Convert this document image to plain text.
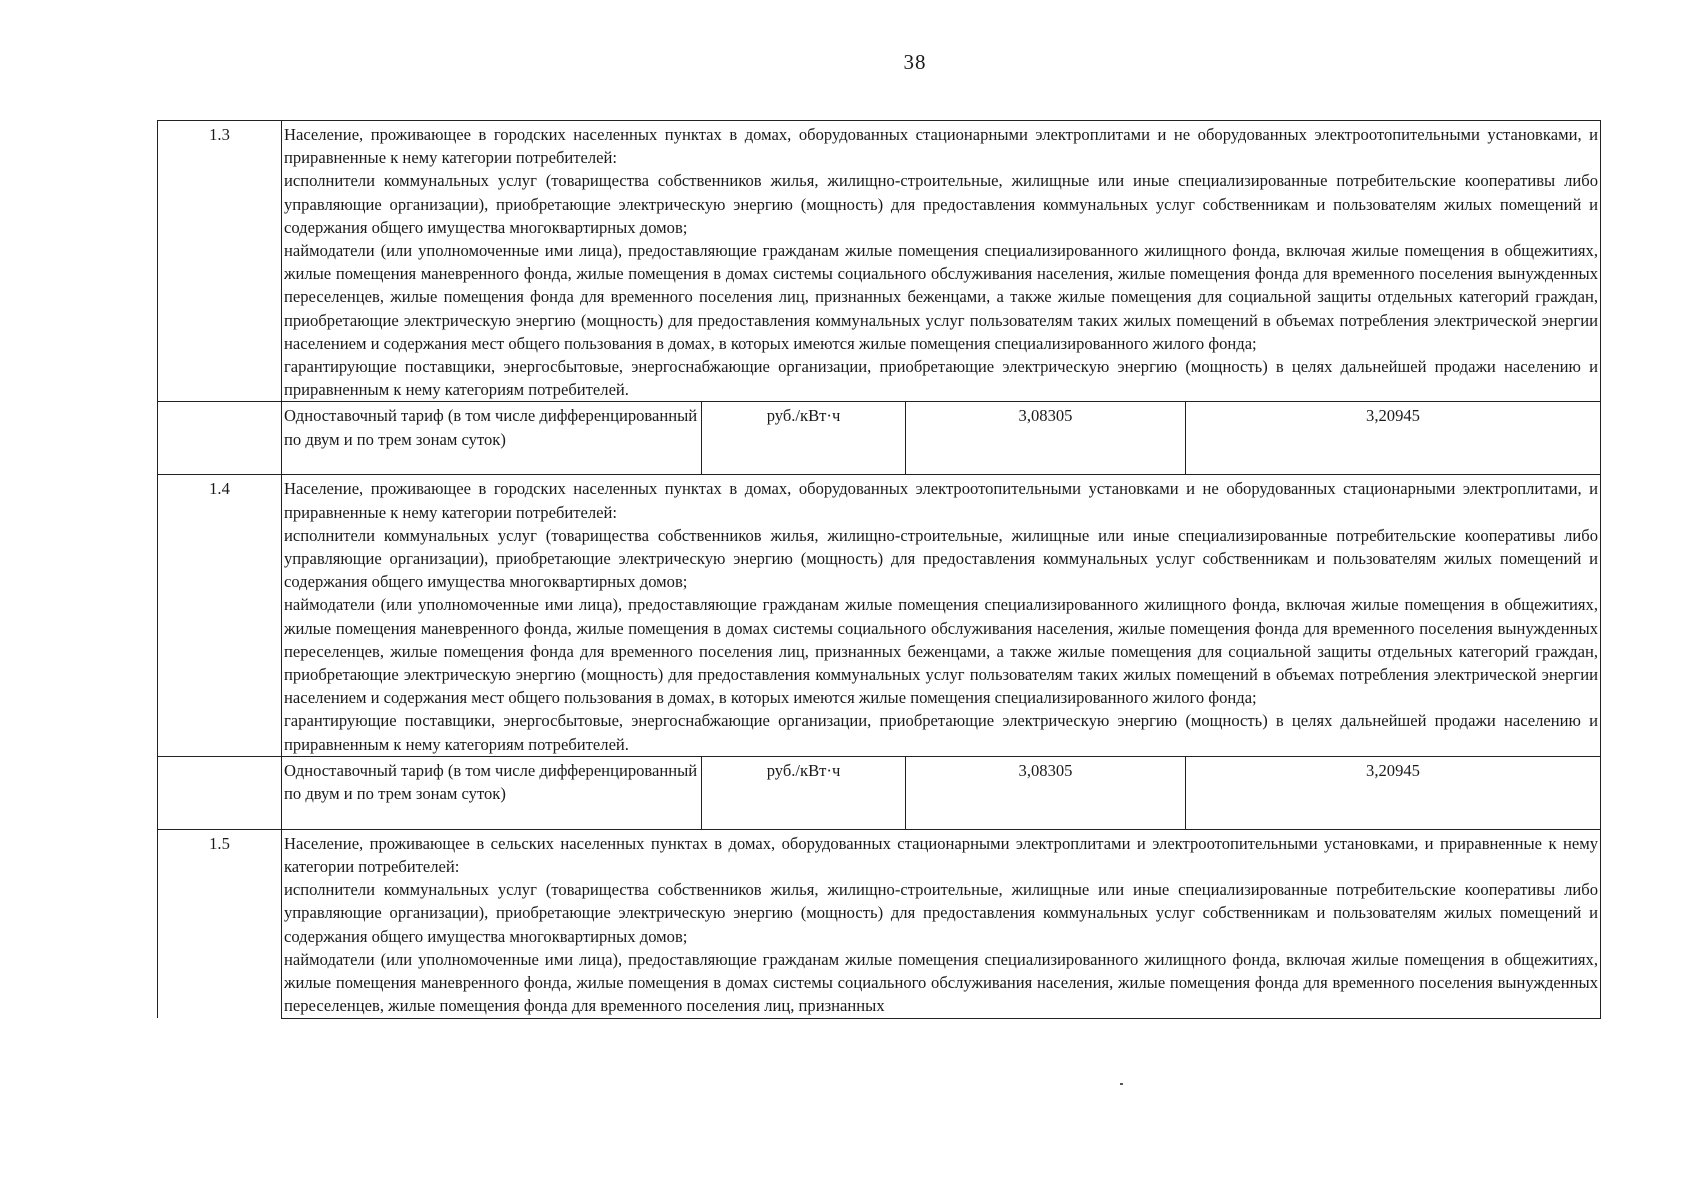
38
1.3	Население, проживающее в городских населенных пунктах в домах, оборудованных стационарными электроплитами и не оборудованных электроотопительными установками, и приравненные к нему категории потребителей:

исполнители коммунальных услуг (товарищества собственников жилья, жилищно-строительные, жилищные или иные специализированные потребительские кооперативы либо управляющие организации), приобретающие электрическую энергию (мощность) для предоставления коммунальных услуг собственникам и пользователям жилых помещений и содержания общего имущества многоквартирных домов;

наймодатели (или уполномоченные ими лица), предоставляющие гражданам жилые помещения специализированного жилищного фонда, включая жилые помещения в общежитиях, жилые помещения маневренного фонда, жилые помещения в домах системы социального обслуживания населения, жилые помещения фонда для временного поселения вынужденных переселенцев, жилые помещения фонда для временного поселения лиц, признанных беженцами, а также жилые помещения для социальной защиты отдельных категорий граждан, приобретающие электрическую энергию (мощность) для предоставления коммунальных услуг пользователям таких жилых помещений в объемах потребления электрической энергии населением и содержания мест общего пользования в домах, в которых имеются жилые помещения специализированного жилого фонда;

гарантирующие поставщики, энергосбытовые, энергоснабжающие организации, приобретающие электрическую энергию (мощность) в целях дальнейшей продажи населению и приравненным к нему категориям потребителей.			

	Одноставочный тариф (в том числе дифференцированный по двум и по трем зонам суток)	руб./кВт·ч	3,08305	3,20945
1.4	Население, проживающее в городских населенных пунктах в домах, оборудованных электроотопительными установками и не оборудованных стационарными электроплитами, и приравненные к нему категории потребителей:

исполнители коммунальных услуг (товарищества собственников жилья, жилищно-строительные, жилищные или иные специализированные потребительские кооперативы либо управляющие организации), приобретающие электрическую энергию (мощность) для предоставления коммунальных услуг собственникам и пользователям жилых помещений и содержания общего имущества многоквартирных домов;

наймодатели (или уполномоченные ими лица), предоставляющие гражданам жилые помещения специализированного жилищного фонда, включая жилые помещения в общежитиях, жилые помещения маневренного фонда, жилые помещения в домах системы социального обслуживания населения, жилые помещения фонда для временного поселения вынужденных переселенцев, жилые помещения фонда для временного поселения лиц, признанных беженцами, а также жилые помещения для социальной защиты отдельных категорий граждан, приобретающие электрическую энергию (мощность) для предоставления коммунальных услуг пользователям таких жилых помещений в объемах потребления электрической энергии населением и содержания мест общего пользования в домах, в которых имеются жилые помещения специализированного жилого фонда;

гарантирующие поставщики, энергосбытовые, энергоснабжающие организации, приобретающие электрическую энергию (мощность) в целях дальнейшей продажи населению и приравненным к нему категориям потребителей.			

	Одноставочный тариф (в том числе дифференцированный по двум и по трем зонам суток)	руб./кВт·ч	3,08305	3,20945
1.5	Население, проживающее в сельских населенных пунктах в домах, оборудованных стационарными электроплитами и электроотопительными установками, и приравненные к нему категории потребителей:

исполнители коммунальных услуг (товарищества собственников жилья, жилищно-строительные, жилищные или иные специализированные потребительские кооперативы либо управляющие организации), приобретающие электрическую энергию (мощность) для предоставления коммунальных услуг собственникам и пользователям жилых помещений и содержания общего имущества многоквартирных домов;

наймодатели (или уполномоченные ими лица), предоставляющие гражданам жилые помещения специализированного жилищного фонда, включая жилые помещения в общежитиях, жилые помещения маневренного фонда, жилые помещения в домах системы социального обслуживания населения, жилые помещения фонда для временного поселения вынужденных переселенцев, жилые помещения фонда для временного поселения лиц, признанных			
